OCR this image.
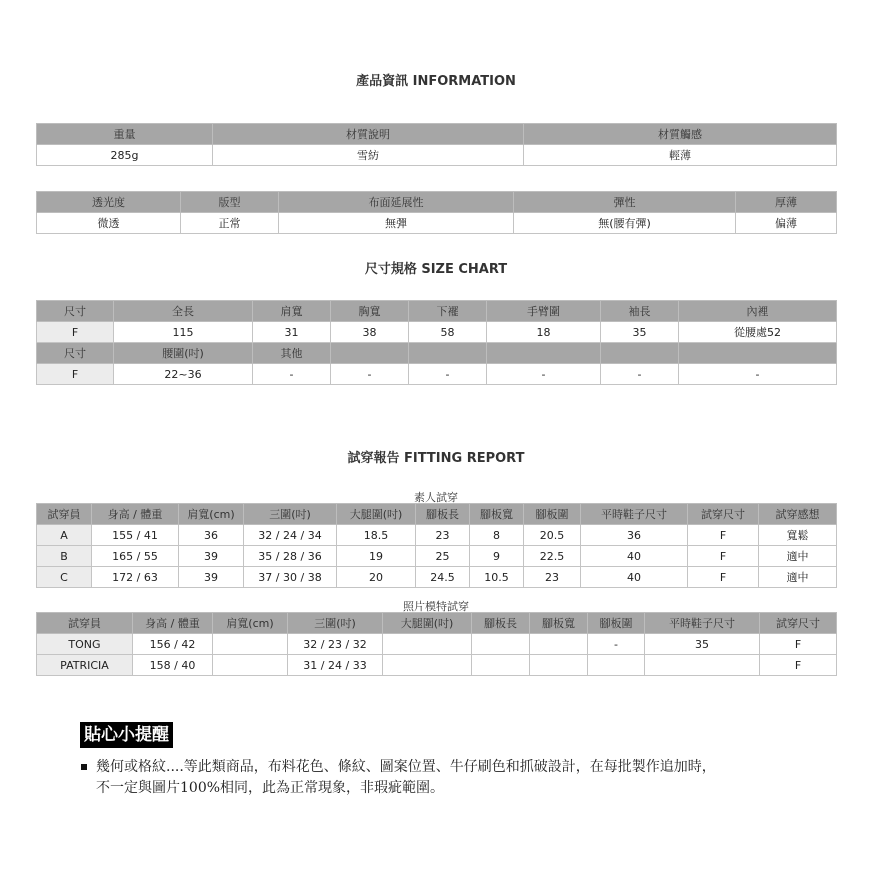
產品資訊 INFORMATION
重量	材質說明	材質觸感
285g	雪紡	輕薄
透光度	版型	布面延展性	彈性	厚薄
微透	正常	無彈	無(腰有彈)	偏薄
尺寸規格 SIZE CHART
尺寸	全長	肩寬	胸寬	下襬	手臂圍	袖長	內裡
F	115	31	38	58	18	35	從腰處52
尺寸	腰圍(吋)	其他					
F	22~36	-	-	-	-	-	-
試穿報告 FITTING REPORT
素人試穿
試穿員	身高 / 體重	肩寬(cm)	三圍(吋)	大腿圍(吋)	腳板長	腳板寬	腳板圍	平時鞋子尺寸	試穿尺寸	試穿感想
A	155 / 41	36	32 / 24 / 34	18.5	23	8	20.5	36	F	寬鬆
B	165 / 55	39	35 / 28 / 36	19	25	9	22.5	40	F	適中
C	172 / 63	39	37 / 30 / 38	20	24.5	10.5	23	40	F	適中
照片模特試穿
試穿員	身高 / 體重	肩寬(cm)	三圍(吋)	大腿圍(吋)	腳板長	腳板寬	腳板圍	平時鞋子尺寸	試穿尺寸
TONG	156 / 42		32 / 23 / 32				-	35	F
PATRICIA	158 / 40		31 / 24 / 33						F
貼心小提醒
幾何或格紋....等此類商品，布料花色、條紋、圖案位置、牛仔刷色和抓破設計，在每批製作追加時，
不一定與圖片100%相同，此為正常現象，非瑕疵範圍。
